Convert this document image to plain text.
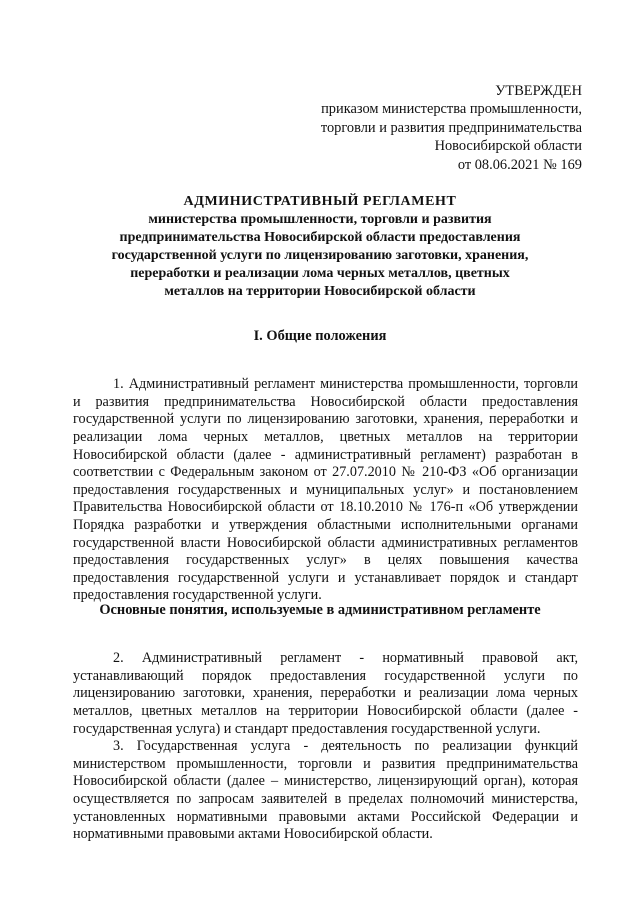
УТВЕРЖДЕН
приказом министерства промышленности,
торговли и развития предпринимательства
Новосибирской области
от 08.06.2021 № 169
АДМИНИСТРАТИВНЫЙ РЕГЛАМЕНТ
министерства промышленности, торговли и развития
предпринимательства Новосибирской области предоставления
государственной услуги по лицензированию заготовки, хранения,
переработки и реализации лома черных металлов, цветных
металлов на территории Новосибирской области
I. Общие положения

1. Административный регламент министерства промышленности, торговли и развития предпринимательства Новосибирской области предоставления государственной услуги по лицензированию заготовки, хранения, переработки и реализации лома черных металлов, цветных металлов на территории Новосибирской области (далее - административный регламент) разработан в соответствии с Федеральным законом от 27.07.2010 № 210-ФЗ «Об организации предоставления государственных и муниципальных услуг» и постановлением Правительства Новосибирской области от 18.10.2010 № 176-п «Об утверждении Порядка разработки и утверждения областными исполнительными органами государственной власти Новосибирской области административных регламентов предоставления государственных услуг» в целях повышения качества предоставления государственной услуги и устанавливает порядок и стандарт предоставления государственной услуги.

Основные понятия, используемые в административном регламенте

2. Административный регламент - нормативный правовой акт, устанавливающий порядок предоставления государственной услуги по лицензированию заготовки, хранения, переработки и реализации лома черных металлов, цветных металлов на территории Новосибирской области (далее - государственная услуга) и стандарт предоставления государственной услуги.

3. Государственная услуга - деятельность по реализации функций министерством промышленности, торговли и развития предпринимательства Новосибирской области (далее – министерство, лицензирующий орган), которая осуществляется по запросам заявителей в пределах полномочий министерства, установленных нормативными правовыми актами Российской Федерации и нормативными правовыми актами Новосибирской области.
